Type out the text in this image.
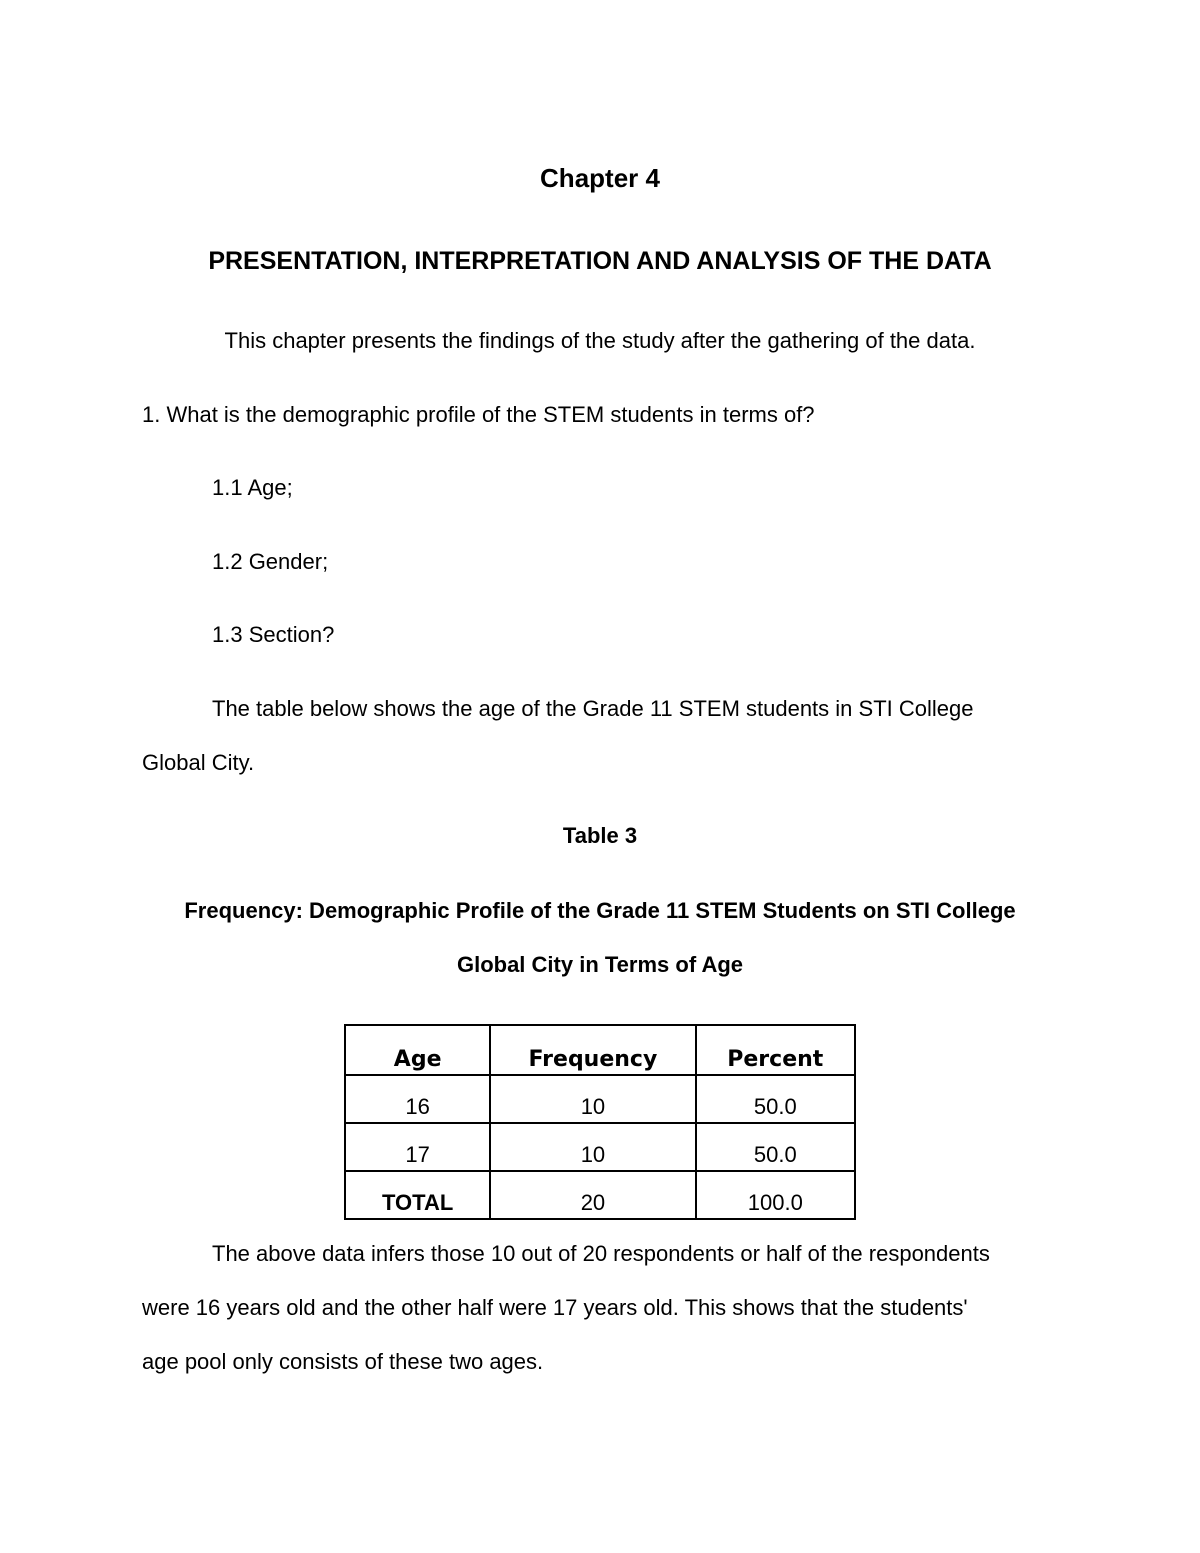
Chapter 4
PRESENTATION, INTERPRETATION AND ANALYSIS OF THE DATA
This chapter presents the findings of the study after the gathering of the data.
1. What is the demographic profile of the STEM students in terms of?
1.1 Age;
1.2 Gender;
1.3 Section?
The table below shows the age of the Grade 11 STEM students in STI College
Global City.
Table 3
Frequency: Demographic Profile of the Grade 11 STEM Students on STI College
Global City in Terms of Age
Age	Frequency	Percent
16	10	50.0
17	10	50.0
TOTAL	20	100.0
The above data infers those 10 out of 20 respondents or half of the respondents
were 16 years old and the other half were 17 years old. This shows that the students'
age pool only consists of these two ages.
